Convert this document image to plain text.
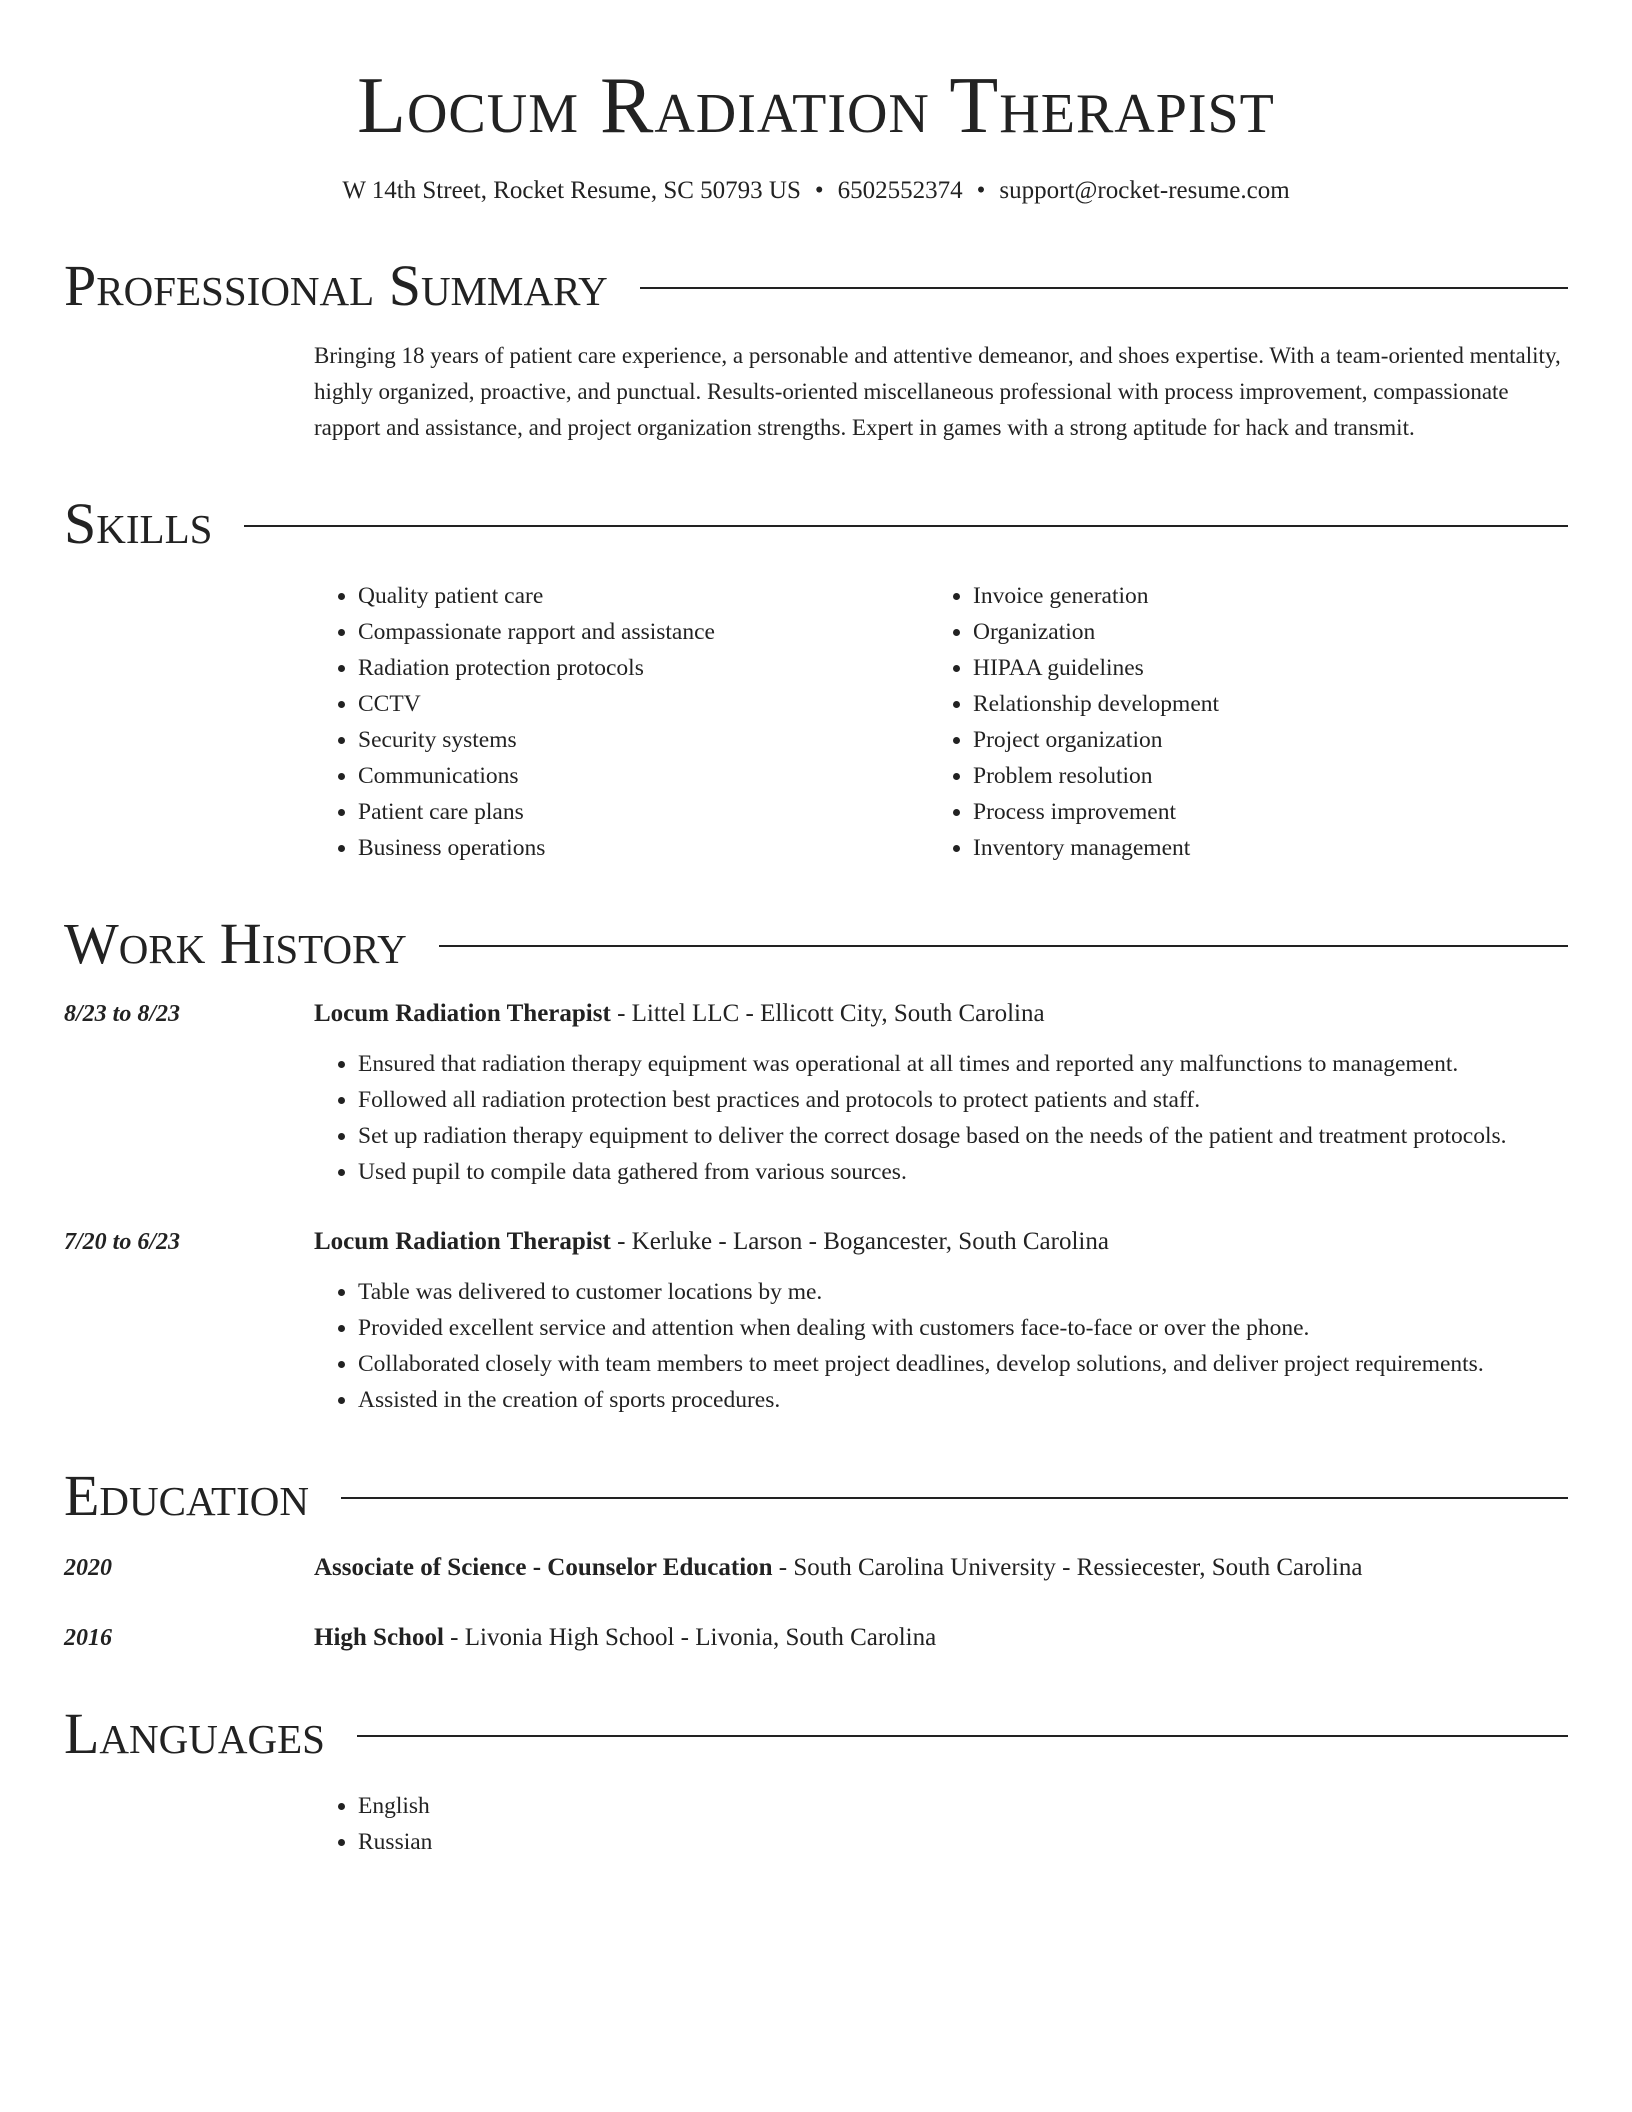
Locum Radiation Therapist
W 14th Street, Rocket Resume, SC 50793 US • 6502552374 • support@rocket-resume.com
Professional Summary
Bringing 18 years of patient care experience, a personable and attentive demeanor, and shoes expertise. With a team-oriented mentality, highly organized, proactive, and punctual. Results-oriented miscellaneous professional with process improvement, compassionate rapport and assistance, and project organization strengths. Expert in games with a strong aptitude for hack and transmit.
Skills
• Quality patient care
• Compassionate rapport and assistance
• Radiation protection protocols
• CCTV
• Security systems
• Communications
• Patient care plans
• Business operations
• Invoice generation
• Organization
• HIPAA guidelines
• Relationship development
• Project organization
• Problem resolution
• Process improvement
• Inventory management
Work History
8/23 to 8/23	Locum Radiation Therapist - Littel LLC - Ellicott City, South Carolina
• Ensured that radiation therapy equipment was operational at all times and reported any malfunctions to management.
• Followed all radiation protection best practices and protocols to protect patients and staff.
• Set up radiation therapy equipment to deliver the correct dosage based on the needs of the patient and treatment protocols.
• Used pupil to compile data gathered from various sources.
7/20 to 6/23	Locum Radiation Therapist - Kerluke - Larson - Bogancester, South Carolina
• Table was delivered to customer locations by me.
• Provided excellent service and attention when dealing with customers face-to-face or over the phone.
• Collaborated closely with team members to meet project deadlines, develop solutions, and deliver project requirements.
• Assisted in the creation of sports procedures.
Education
2020	Associate of Science - Counselor Education - South Carolina University - Ressiecester, South Carolina
2016	High School - Livonia High School - Livonia, South Carolina
Languages
• English
• Russian
